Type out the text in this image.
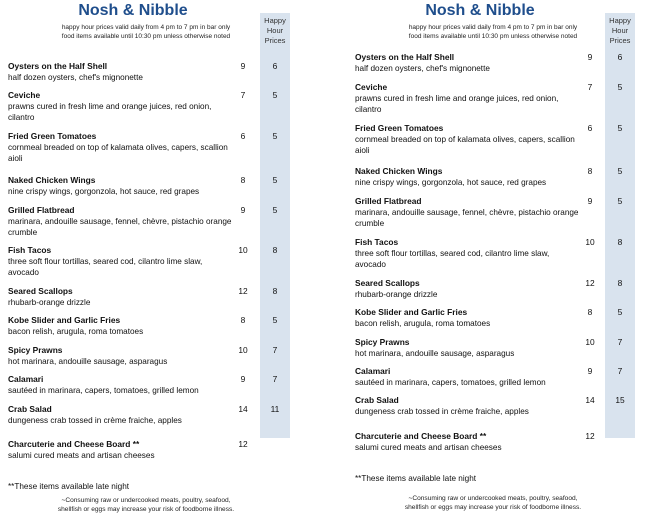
Happy
Hour
Prices
Nosh & Nibble
happy hour prices valid daily from 4 pm to 7 pm in bar only
food items available until 10:30 pm unless otherwise noted
Oysters on the Half Shell
half dozen oysters, chef's mignonette
9	6
Ceviche
prawns cured in fresh lime and orange juices, red onion, cilantro
7	5
Fried Green Tomatoes
cornmeal breaded on top of kalamata olives, capers, scallion aioli
6	5
Naked Chicken Wings
nine crispy wings, gorgonzola, hot sauce, red grapes
8	5
Grilled Flatbread
marinara, andouille sausage, fennel, chèvre, pistachio orange crumble
9	5
Fish Tacos
three soft flour tortillas, seared cod, cilantro lime slaw, avocado
10	8
Seared Scallops
rhubarb-orange drizzle
12	8
Kobe Slider and Garlic Fries
bacon relish, arugula, roma tomatoes
8	5
Spicy Prawns
hot marinara, andouille sausage, asparagus
10	7
Calamari
sautéed in marinara, capers, tomatoes, grilled lemon
9	7
Crab Salad
dungeness crab tossed in crème fraiche, apples
14	11
Charcuterie and Cheese Board **
salumi cured meats and artisan cheeses
12
**These items available late night
~Consuming raw or undercooked meats, poultry, seafood,
shellfish or eggs may increase your risk of foodborne illness.
Happy
Hour
Prices
Nosh & Nibble
happy hour prices valid daily from 4 pm to 7 pm in bar only
food items available until 10:30 pm unless otherwise noted
Oysters on the Half Shell
half dozen oysters, chef's mignonette
9	6
Ceviche
prawns cured in fresh lime and orange juices, red onion, cilantro
7	5
Fried Green Tomatoes
cornmeal breaded on top of kalamata olives, capers, scallion aioli
6	5
Naked Chicken Wings
nine crispy wings, gorgonzola, hot sauce, red grapes
8	5
Grilled Flatbread
marinara, andouille sausage, fennel, chèvre, pistachio orange crumble
9	5
Fish Tacos
three soft flour tortillas, seared cod, cilantro lime slaw, avocado
10	8
Seared Scallops
rhubarb-orange drizzle
12	8
Kobe Slider and Garlic Fries
bacon relish, arugula, roma tomatoes
8	5
Spicy Prawns
hot marinara, andouille sausage, asparagus
10	7
Calamari
sautéed in marinara, capers, tomatoes, grilled lemon
9	7
Crab Salad
dungeness crab tossed in crème fraiche, apples
14	15
Charcuterie and Cheese Board **
salumi cured meats and artisan cheeses
12
**These items available late night
~Consuming raw or undercooked meats, poultry, seafood,
shellfish or eggs may increase your risk of foodborne illness.
